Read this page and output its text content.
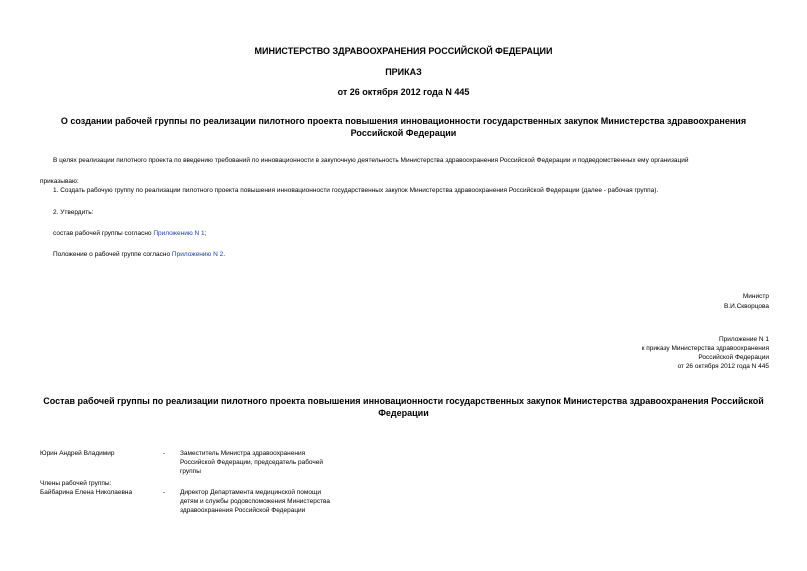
МИНИСТЕРСТВО ЗДРАВООХРАНЕНИЯ РОССИЙСКОЙ ФЕДЕРАЦИИ
ПРИКАЗ
от 26 октября 2012 года N 445
О создании рабочей группы по реализации пилотного проекта повышения инновационности государственных закупок Министерства здравоохранения
Российской Федерации
В целях реализации пилотного проекта по введению требований по инновационности в закупочную деятельность Министерства здравоохранения Российской Федерации и подведомственных ему организаций
приказываю:
1. Создать рабочую группу по реализации пилотного проекта повышения инновационности государственных закупок Министерства здравоохранения Российской Федерации (далее - рабочая группа).
2. Утвердить:
состав рабочей группы согласно Приложению N 1;
Положение о рабочей группе согласно Приложению N 2.
Министр
В.И.Скворцова
Приложение N 1
к приказу Министерства здравоохранения
Российской Федерации
от 26 октября 2012 года N 445
Состав рабочей группы по реализации пилотного проекта повышения инновационности государственных закупок Министерства здравоохранения Российской
Федерации
Юрин Андрей Владимир	- Заместитель Министра здравоохранения
Российской Федерации, председатель рабочей
группы
Члены рабочей группы:
Байбарина Елена Николаевна	- Директор Департамента медицинской помощи
детям и службы родовспоможения Министерства
здравоохранения Российской Федерации
